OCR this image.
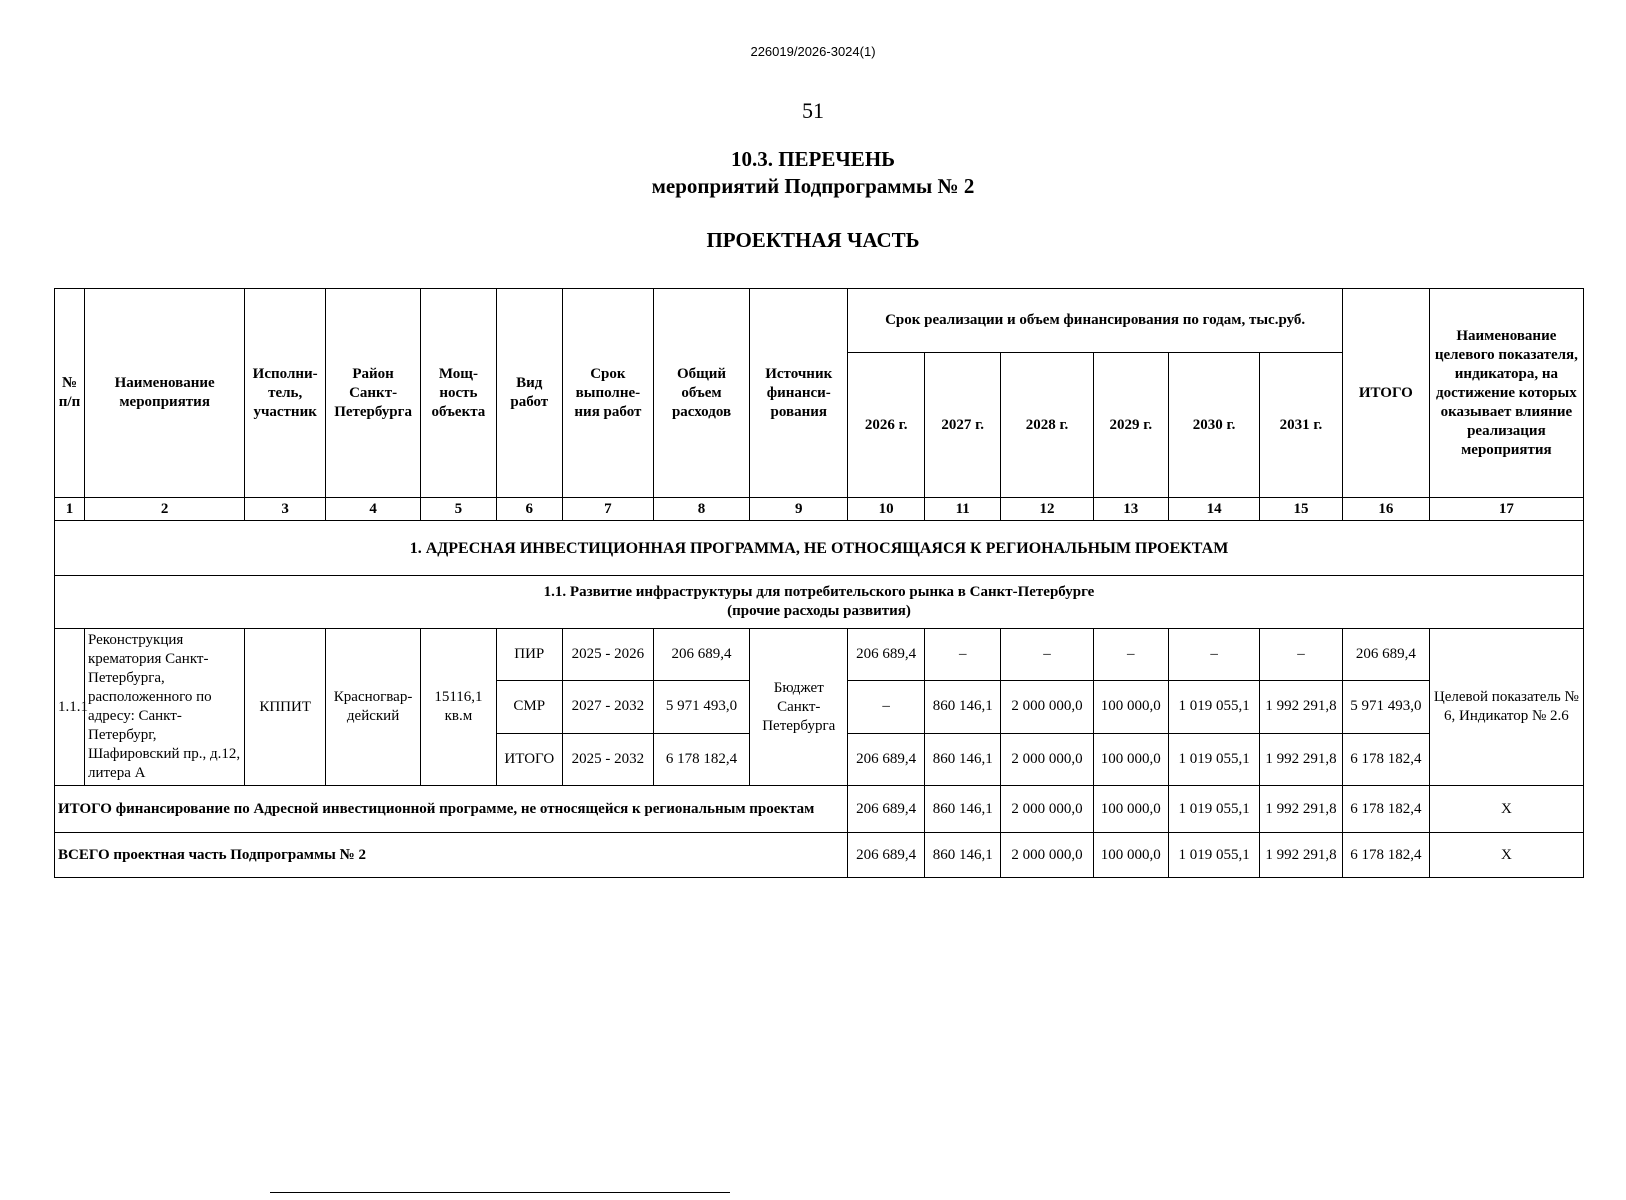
226019/2026-3024(1)
51
10.3. ПЕРЕЧЕНЬ
мероприятий Подпрограммы № 2
ПРОЕКТНАЯ ЧАСТЬ
№ п/п	Наименование мероприятия	Исполни-тель, участник	Район Санкт-Петербурга	Мощ-ность объекта	Вид работ	Срок выполне-ния работ	Общий объем расходов	Источник финанси-рования	Срок реализации и объем финансирования по годам, тыс.руб.						ИТОГО	Наименование целевого показателя, индикатора, на достижение которых оказывает влияние реализация мероприятия
									2026 г.	2027 г.	2028 г.	2029 г.	2030 г.	2031 г.		
1	2	3	4	5	6	7	8	9	10	11	12	13	14	15	16	17
1. АДРЕСНАЯ ИНВЕСТИЦИОННАЯ ПРОГРАММА, НЕ ОТНОСЯЩАЯСЯ К РЕГИОНАЛЬНЫМ ПРОЕКТАМ																

1.1. Развитие инфраструктуры для потребительского рынка в Санкт-Петербурге
(прочие расходы развития)																

1.1.1	Реконструкция крематория Санкт-Петербурга, расположенного по адресу: Санкт-Петербург, Шафировский пр., д.12, литера А	КППИТ	Красногвар-дейский	15116,1 кв.м	ПИР	2025 - 2026	206 689,4	Бюджет Санкт-Петербурга	206 689,4	–	–	–	–	–	206 689,4	Целевой показатель № 6, Индикатор № 2.6
					СМР	2027 - 2032	5 971 493,0		–	860 146,1	2 000 000,0	100 000,0	1 019 055,1	1 992 291,8	5 971 493,0	
					ИТОГО	2025 - 2032	6 178 182,4		206 689,4	860 146,1	2 000 000,0	100 000,0	1 019 055,1	1 992 291,8	6 178 182,4	
ИТОГО финансирование по Адресной инвестиционной программе, не относящейся к региональным проектам									206 689,4	860 146,1	2 000 000,0	100 000,0	1 019 055,1	1 992 291,8	6 178 182,4	Х
ВСЕГО проектная часть Подпрограммы № 2									206 689,4	860 146,1	2 000 000,0	100 000,0	1 019 055,1	1 992 291,8	6 178 182,4	Х
